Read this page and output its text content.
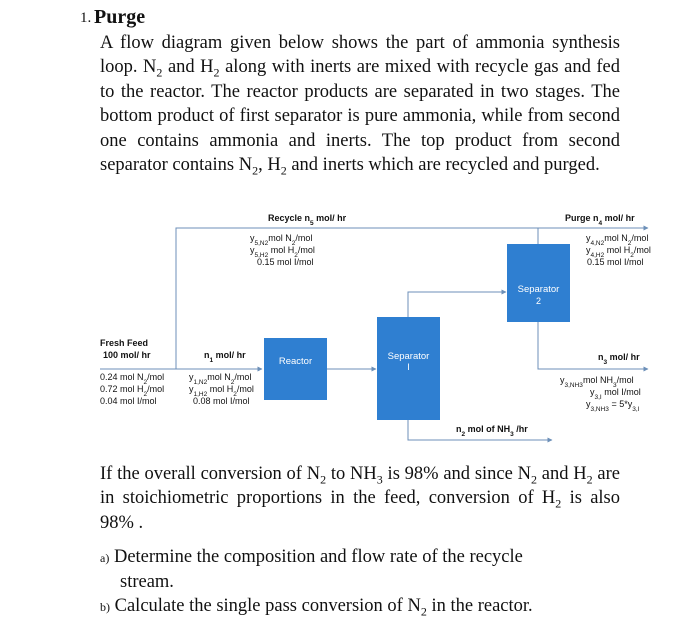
1. Purge

A flow diagram given below shows the part of ammonia synthesis loop. $N_2$ and $H_2$ along with inerts are mixed with recycle gas and fed to the reactor. The reactor products are separated in two stages. The bottom product of first separator is pure ammonia, while from second one contains ammonia and inerts. The top product from second separator contains $N_2$, $H_2$ and inerts which are recycled and purged.

Reactor	Separator
I
Separator
2
Recycle $n_5$ mol/ hr
$y_{5,N2}mol$ $N_2$/mol
$y_{5,H2}$ mol $H_2$/mol
0.15 mol I/mol
Purge $n_4$ mol/ hr
$y_{4,N2}mol$ $N_2$/mol
$y_{4,H2}$ mol $H_2$/mol
0.15 mol I/mol
Fresh Feed
100 mol/ hr
0.24 mol $N_2$/mol
0.72 mol $H_2$/mol
0.04 mol I/mol
$n_1$ mol/ hr
$y_{1,N2}mol$ $N_2$/mol
$y_{1,H2}$ mol $H_2$/mol
0.08 mol I/mol
$n_3$ mol/ hr
$y_{3,NH3}mol$ $NH_3$/mol
$y_{3,I}$ mol I/mol
$y_{3,NH3} = 5*y_{3,I}$
$n_2$ mol of $NH_3$ /hr

If the overall conversion of $N_2$ to $NH_3$ is 98% and since $N_2$ and $H_2$ are in stoichiometric proportions in the feed, conversion of $H_2$ is also 98% .

a) Determine the composition and flow rate of the recycle
stream.
b) Calculate the single pass conversion of $N_2$ in the reactor.
